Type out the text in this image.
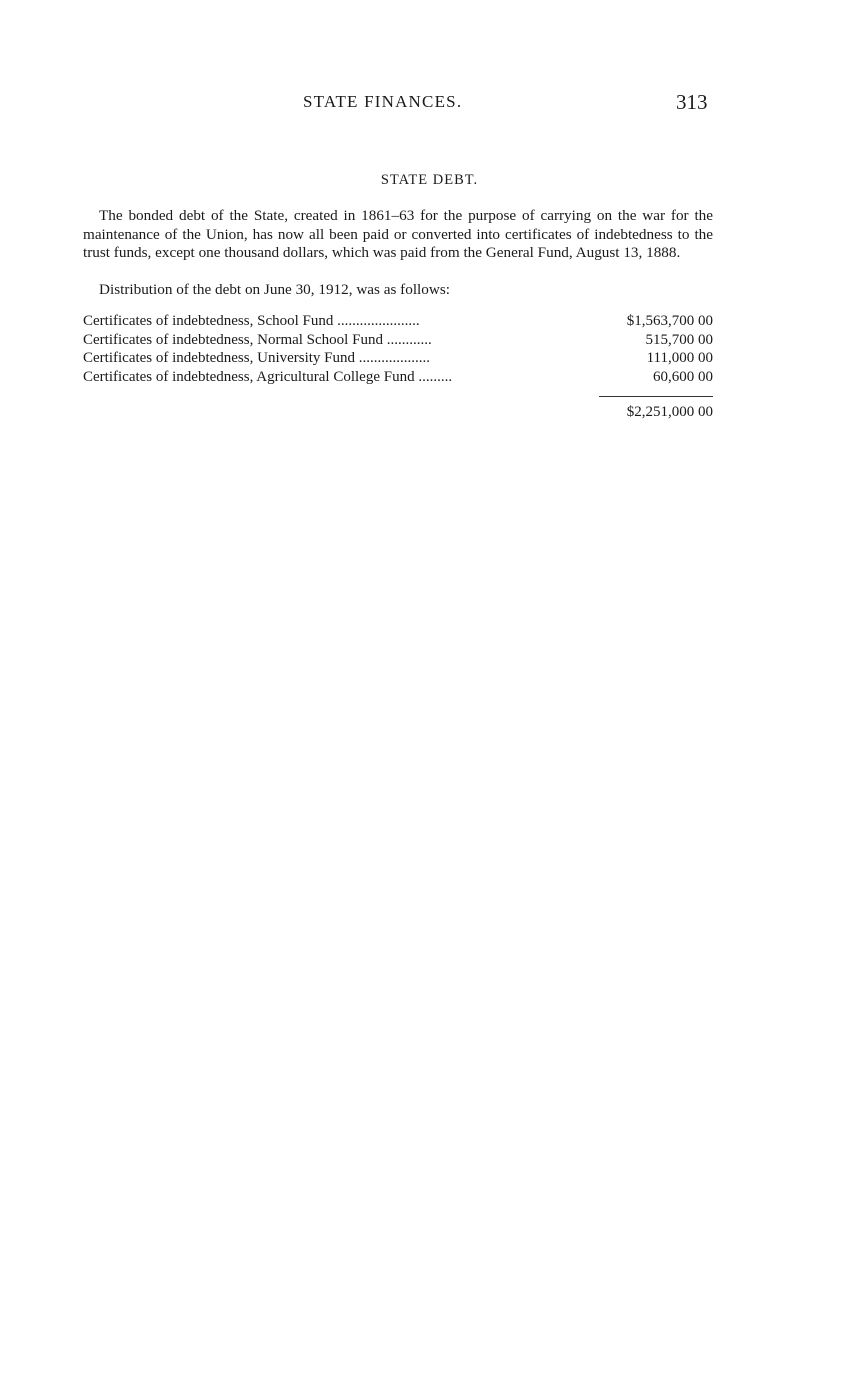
STATE FINANCES.	313
STATE DEBT.

The bonded debt of the State, created in 1861–63 for the purpose of carrying on the war for the maintenance of the Union, has now all been paid or converted into certificates of indebtedness to the trust funds, except one thousand dollars, which was paid from the General Fund, August 13, 1888.

Distribution of the debt on June 30, 1912, was as follows:

Certificates of indebtedness, School Fund ......................	$1,563,700 00
Certificates of indebtedness, Normal School Fund ............	515,700 00
Certificates of indebtedness, University Fund ...................	111,000 00
Certificates of indebtedness, Agricultural College Fund .........	60,600 00
$2,251,000 00
